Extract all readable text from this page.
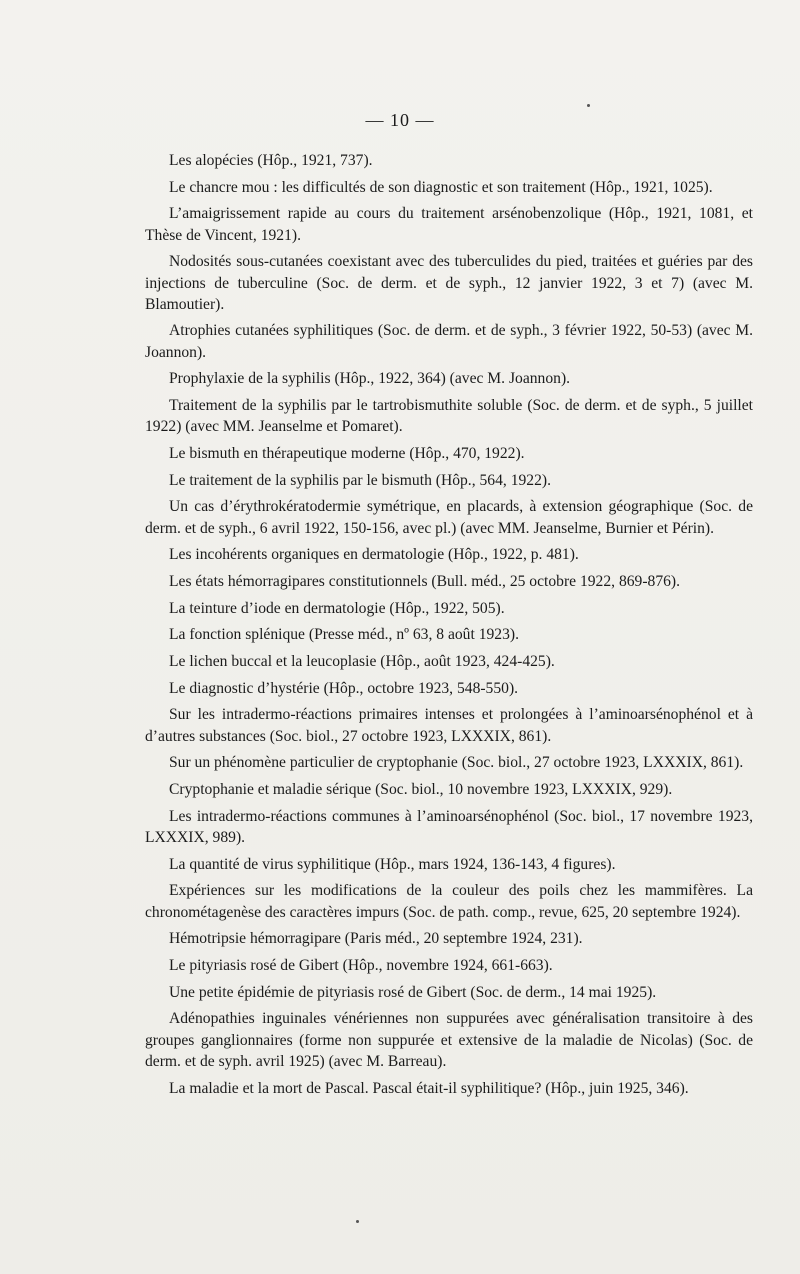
— 10 —

Les alopécies (Hôp., 1921, 737).

Le chancre mou : les difficultés de son diagnostic et son traitement (Hôp., 1921, 1025).

L’amaigrissement rapide au cours du traitement arsénobenzolique (Hôp., 1921, 1081, et Thèse de Vincent, 1921).

Nodosités sous-cutanées coexistant avec des tuberculides du pied, traitées et guéries par des injections de tuberculine (Soc. de derm. et de syph., 12 janvier 1922, 3 et 7) (avec M. Blamoutier).

Atrophies cutanées syphilitiques (Soc. de derm. et de syph., 3 février 1922, 50-53) (avec M. Joannon).

Prophylaxie de la syphilis (Hôp., 1922, 364) (avec M. Joannon).

Traitement de la syphilis par le tartrobismuthite soluble (Soc. de derm. et de syph., 5 juillet 1922) (avec MM. Jeanselme et Pomaret).

Le bismuth en thérapeutique moderne (Hôp., 470, 1922).

Le traitement de la syphilis par le bismuth (Hôp., 564, 1922).

Un cas d’érythrokératodermie symétrique, en placards, à extension géographique (Soc. de derm. et de syph., 6 avril 1922, 150-156, avec pl.) (avec MM. Jeanselme, Burnier et Périn).

Les incohérents organiques en dermatologie (Hôp., 1922, p. 481).

Les états hémorragipares constitutionnels (Bull. méd., 25 octobre 1922, 869-876).

La teinture d’iode en dermatologie (Hôp., 1922, 505).

La fonction splénique (Presse méd., nº 63, 8 août 1923).

Le lichen buccal et la leucoplasie (Hôp., août 1923, 424-425).

Le diagnostic d’hystérie (Hôp., octobre 1923, 548-550).

Sur les intradermo-réactions primaires intenses et prolongées à l’aminoarsénophénol et à d’autres substances (Soc. biol., 27 octobre 1923, LXXXIX, 861).

Sur un phénomène particulier de cryptophanie (Soc. biol., 27 octobre 1923, LXXXIX, 861).

Cryptophanie et maladie sérique (Soc. biol., 10 novembre 1923, LXXXIX, 929).

Les intradermo-réactions communes à l’aminoarsénophénol (Soc. biol., 17 novembre 1923, LXXXIX, 989).

La quantité de virus syphilitique (Hôp., mars 1924, 136-143, 4 figures).

Expériences sur les modifications de la couleur des poils chez les mammifères. La chronométagenèse des caractères impurs (Soc. de path. comp., revue, 625, 20 septembre 1924).

Hémotripsie hémorragipare (Paris méd., 20 septembre 1924, 231).

Le pityriasis rosé de Gibert (Hôp., novembre 1924, 661-663).

Une petite épidémie de pityriasis rosé de Gibert (Soc. de derm., 14 mai 1925).

Adénopathies inguinales vénériennes non suppurées avec généralisation transitoire à des groupes ganglionnaires (forme non suppurée et extensive de la maladie de Nicolas) (Soc. de derm. et de syph. avril 1925) (avec M. Barreau).

La maladie et la mort de Pascal. Pascal était-il syphilitique? (Hôp., juin 1925, 346).
